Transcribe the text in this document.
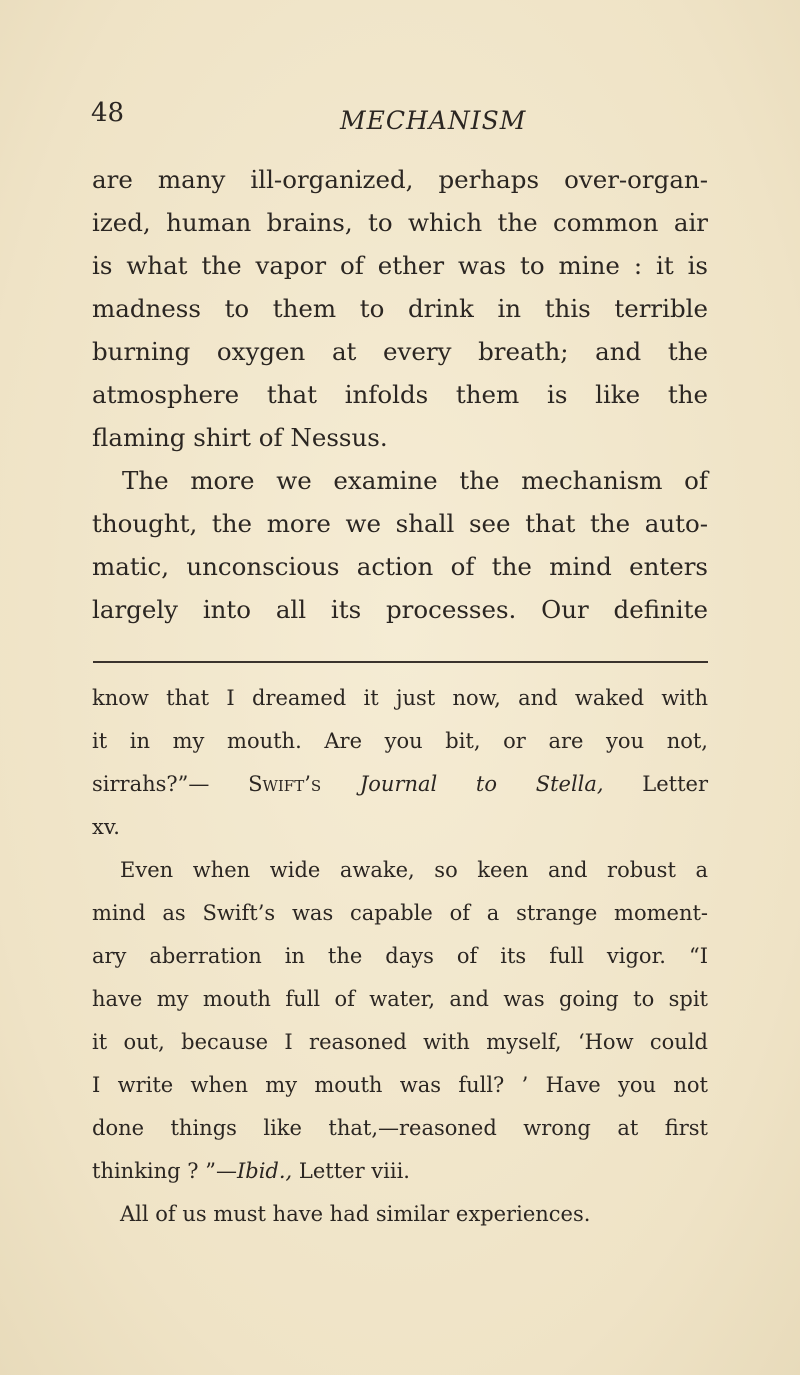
48	MECHANISM
are many ill-organized, perhaps over-organ-
ized, human brains, to which the common air
is what the vapor of ether was to mine : it is
madness to them to drink in this terrible
burning oxygen at every breath; and the
atmosphere that infolds them is like the
flaming shirt of Nessus.
The more we examine the mechanism of
thought, the more we shall see that the auto-
matic, unconscious action of the mind enters
largely into all its processes. Our definite
know that I dreamed it just now, and waked with
it in my mouth. Are you bit, or are you not,
sirrahs?”— Swift’s Journal to Stella, Letter
xv.
Even when wide awake, so keen and robust a
mind as Swift’s was capable of a strange moment-
ary aberration in the days of its full vigor. “I
have my mouth full of water, and was going to spit
it out, because I reasoned with myself, ‘How could
I write when my mouth was full? ’ Have you not
done things like that,—reasoned wrong at first
thinking ? ”—Ibid., Letter viii.
All of us must have had similar experiences.
